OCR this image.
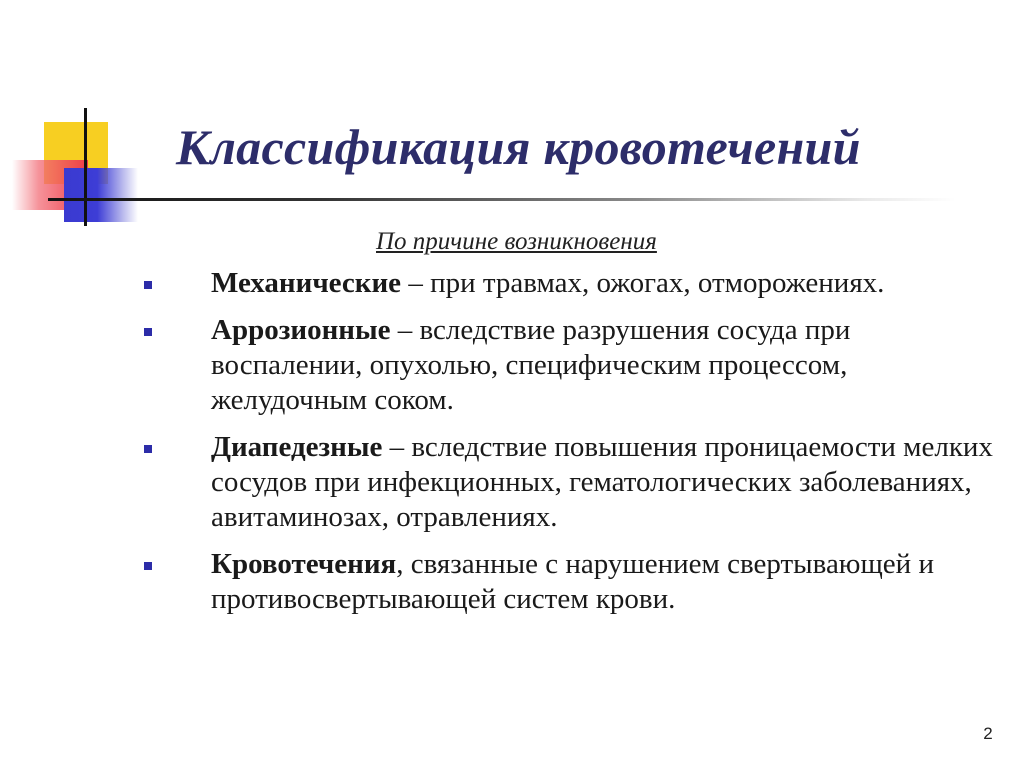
Классификация кровотечений
По причине возникновения
Механические – при травмах, ожогах, отморожениях.
Аррозионные – вследствие разрушения сосуда при воспалении, опухолью, специфическим процессом, желудочным соком.
Диапедезные – вследствие повышения проницаемости мелких сосудов при инфекционных, гематологических заболеваниях, авитаминозах, отравлениях.
Кровотечения, связанные с нарушением свертывающей и противосвертывающей систем крови.
2
